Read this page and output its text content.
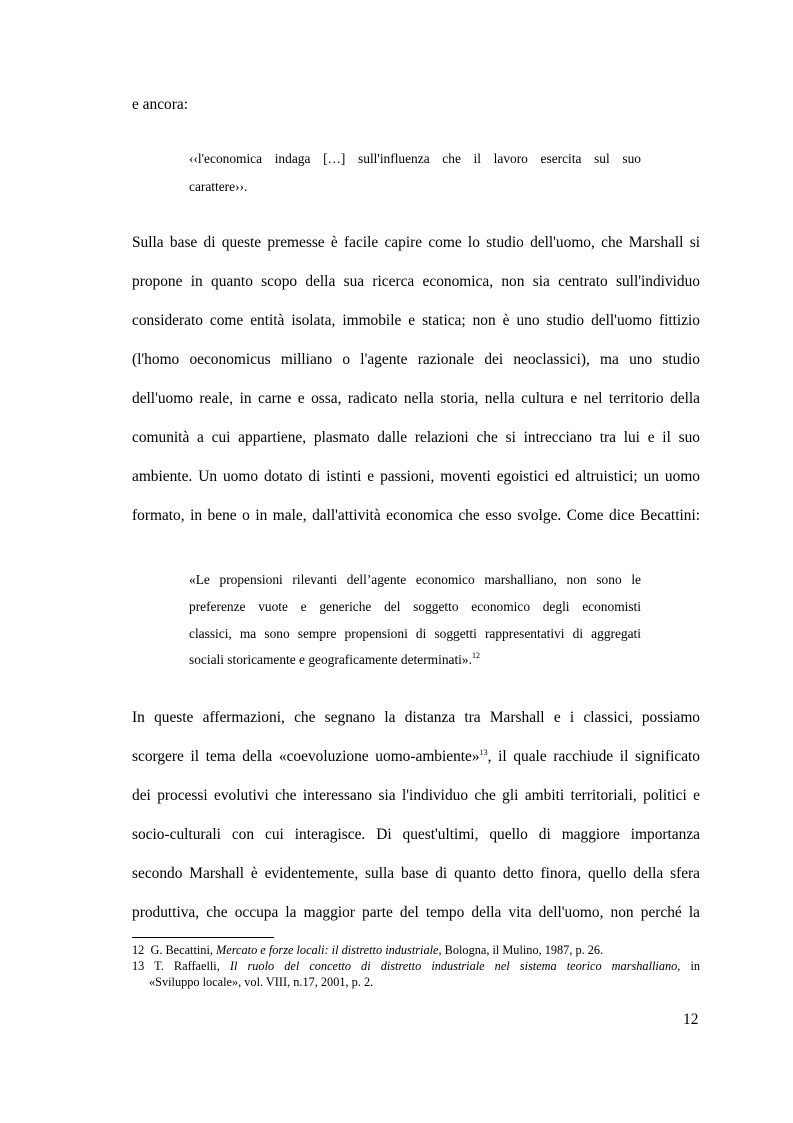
e ancora:
‹‹l'economica indaga […] sull'influenza che il lavoro esercita sul suo
carattere››.
Sulla base di queste premesse è facile capire come lo studio dell'uomo, che Marshall si
propone in quanto scopo della sua ricerca economica, non sia centrato sull'individuo
considerato come entità isolata, immobile e statica; non è uno studio dell'uomo fittizio
(l'homo oeconomicus milliano o l'agente razionale dei neoclassici), ma uno studio
dell'uomo reale, in carne e ossa, radicato nella storia, nella cultura e nel territorio della
comunità a cui appartiene, plasmato dalle relazioni che si intrecciano tra lui e il suo
ambiente. Un uomo dotato di istinti e passioni, moventi egoistici ed altruistici; un uomo
formato, in bene o in male, dall'attività economica che esso svolge. Come dice Becattini:
«Le propensioni rilevanti dell’agente economico marshalliano, non sono le
preferenze vuote e generiche del soggetto economico degli economisti
classici, ma sono sempre propensioni di soggetti rappresentativi di aggregati
sociali storicamente e geograficamente determinati».$^{12}$
In queste affermazioni, che segnano la distanza tra Marshall e i classici, possiamo
scorgere il tema della «coevoluzione uomo-ambiente»$^{13}$, il quale racchiude il significato
dei processi evolutivi che interessano sia l'individuo che gli ambiti territoriali, politici e
socio-culturali con cui interagisce. Di quest'ultimi, quello di maggiore importanza
secondo Marshall è evidentemente, sulla base di quanto detto finora, quello della sfera
produttiva, che occupa la maggior parte del tempo della vita dell'uomo, non perché la
12 G. Becattini, Mercato e forze locali: il distretto industriale, Bologna, il Mulino, 1987, p. 26.
13 T. Raffaelli, Il ruolo del concetto di distretto industriale nel sistema teorico marshalliano, in
«Sviluppo locale», vol. VIII, n.17, 2001, p. 2.
12
